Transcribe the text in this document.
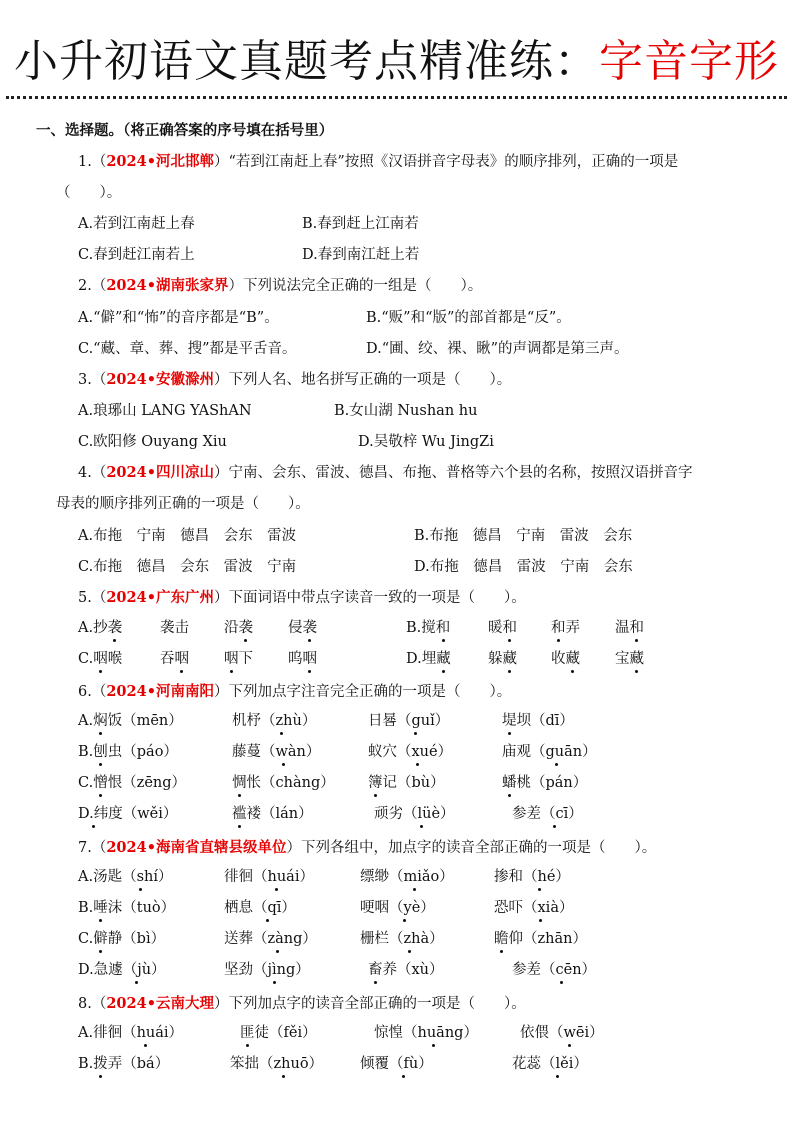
小升初语文真题考点精准练：字音字形
一、选择题。（将正确答案的序号填在括号里）
1.（2024•河北邯郸）“若到江南赶上春”按照《汉语拼音字母表》的顺序排列，正确的一项是
（　　）。
A.若到江南赶上春	B.春到赶上江南若
C.春到赶江南若上	D.春到南江赶上若
2.（2024•湖南张家界）下列说法完全正确的一组是（　　）。
A.“僻”和“怖”的音序都是“B”。	B.“贩”和“版”的部首都是“反”。
C.“藏、章、葬、搜”都是平舌音。	D.“圃、绞、裸、瞅”的声调都是第三声。
3.（2024•安徽滁州）下列人名、地名拼写正确的一项是（　　）。
A.琅琊山 LANG YAShAN	B.女山湖 Nushan hu
C.欧阳修 Ouyang Xiu	D.吴敬梓 Wu JingZi
4.（2024•四川凉山）宁南、会东、雷波、德昌、布拖、普格等六个县的名称，按照汉语拼音字
母表的顺序排列正确的一项是（　　）。
A.布拖　宁南　德昌　会东　雷波	B.布拖　德昌　宁南　雷波　会东
C.布拖　德昌　会东　雷波　宁南	D.布拖　德昌　雷波　宁南　会东
5.（2024•广东广州）下面词语中带点字读音一致的一项是（　　）。
A.抄袭	袭击 沿袭 侵袭	B.搅和	暖和 和弄 温和
C.咽喉	吞咽 咽下 呜咽	D.埋藏	躲藏 收藏 宝藏
6.（2024•河南南阳）下列加点字注音完全正确的一项是（　　）。
A.焖饭（mēn）	机杼（zhù）	日晷（guǐ）	堤坝（dī）
B.刨虫（páo）	藤蔓（wàn）	蚁穴（xué）	庙观（guān）
C.憎恨（zēng）	惆怅（chàng） 簿记（bù）	蟠桃（pán）
D.纬度（wěi）	褴褛（lán）	顽劣（lüè）	参差（cī）
7.（2024•海南省直辖县级单位）下列各组中，加点字的读音全部正确的一项是（　　）。
A.汤匙（shí）	徘徊（huái）	缥缈（miǎo）	掺和（hé）
B.唾沫（tuò）	栖息（qī）	哽咽（yè）	恐吓（xià）
C.僻静（bì）	送葬（zàng）	栅栏（zhà）	瞻仰（zhān）
D.急遽（jù）	坚劲（jìng）	畜养（xù）	参差（cēn）
8.（2024•云南大理）下列加点字的读音全部正确的一项是（　　）。
A.徘徊（huái）	匪徒（fěi）	惊惶（huāng）	依偎（wēi）
B.拨弄（bá）	笨拙（zhuō）	倾覆（fù）	花蕊（lěi）
